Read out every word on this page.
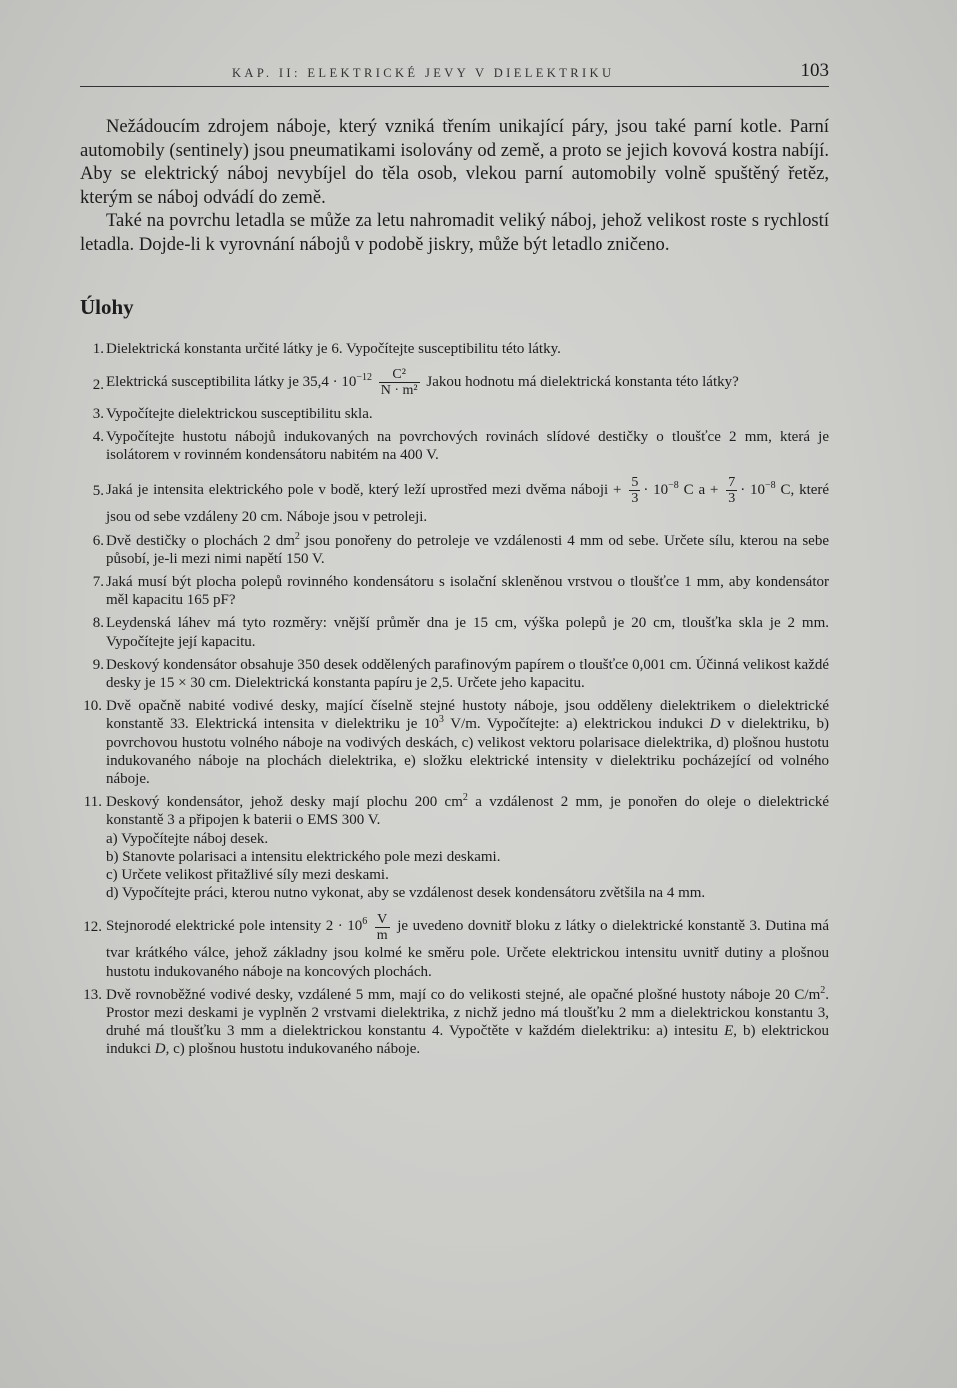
KAP. II: ELEKTRICKÉ JEVY V DIELEKTRIKU	103

Nežádoucím zdrojem náboje, který vzniká třením unikající páry, jsou také parní kotle. Parní automobily (sentinely) jsou pneumatikami isolovány od země, a proto se jejich kovová kostra nabíjí. Aby se elektrický náboj nevybíjel do těla osob, vlekou parní automobily volně spuštěný řetěz, kterým se náboj odvádí do země.

Také na povrchu letadla se může za letu nahromadit veliký náboj, jehož velikost roste s rychlostí letadla. Dojde-li k vyrovnání nábojů v podobě jiskry, může být letadlo zničeno.

Úlohy
1. Dielektrická konstanta určité látky je 6. Vypočítejte susceptibilitu této látky.
2. Elektrická susceptibilita látky je $35,4 \cdot 10^{-12} \frac{\text{C²}}{\text{N · m²}}$ Jakou hodnotu má dielektrická konstanta této látky?
3. Vypočítejte dielektrickou susceptibilitu skla.
4. Vypočítejte hustotu nábojů indukovaných na povrchových rovinách slídové destičky o tloušťce 2 mm, která je isolátorem v rovinném kondensátoru nabitém na 400 V.
5. Jaká je intensita elektrického pole v bodě, který leží uprostřed mezi dvěma náboji + $\frac{5}{3} \cdot 10^{-8}$ C $a + \frac{7}{3} \cdot 10^{-8}$ C, které jsou od sebe vzdáleny 20 cm. Náboje jsou v petroleji.
6. Dvě destičky o plochách 2 $dm^2$ jsou ponořeny do petroleje ve vzdálenosti 4 mm od sebe. Určete sílu, kterou na sebe působí, je-li mezi nimi napětí 150 V.
7. Jaká musí být plocha polepů rovinného kondensátoru s isolační skleněnou vrstvou o tloušťce 1 mm, aby kondensátor měl kapacitu 165 pF?
8. Leydenská láhev má tyto rozměry: vnější průměr dna je 15 cm, výška polepů je 20 cm, tloušťka skla je 2 mm. Vypočítejte její kapacitu.
9. Deskový kondensátor obsahuje 350 desek oddělených parafinovým papírem o tloušťce 0,001 cm. Účinná velikost každé desky je 15 × 30 cm. Dielektrická konstanta papíru je 2,5. Určete jeho kapacitu.
10. Dvě opačně nabité vodivé desky, mající číselně stejné hustoty náboje, jsou odděleny dielektrikem o dielektrické konstantě 33. Elektrická intensita v dielektriku je $10^3$ V/m. Vypočítejte: a) elektrickou indukci D v dielektriku, b) povrchovou hustotu volného náboje na vodivých deskách, c) velikost vektoru polarisace dielektrika, d) plošnou hustotu indukovaného náboje na plochách dielektrika, e) složku elektrické intensity v dielektriku pocházející od volného náboje.
11. Deskový kondensátor, jehož desky mají plochu 200 $cm^2$ a vzdálenost 2 mm, je ponořen do oleje o dielektrické konstantě 3 a připojen k baterii o EMS 300 V.
a) Vypočítejte náboj desek.
b) Stanovte polarisaci a intensitu elektrického pole mezi deskami.
c) Určete velikost přitažlivé síly mezi deskami.
d) Vypočítejte práci, kterou nutno vykonat, aby se vzdálenost desek kondensátoru zvětšila na 4 mm.
12. Stejnorodé elektrické pole intensity $2 \cdot 10^6 \frac{V}{m}$ je uvedeno dovnitř bloku z látky o dielektrické konstantě 3. Dutina má tvar krátkého válce, jehož základny jsou kolmé ke směru pole. Určete elektrickou intensitu uvnitř dutiny a plošnou hustotu indukovaného náboje na koncových plochách.
13. Dvě rovnoběžné vodivé desky, vzdálené 5 mm, mají co do velikosti stejné, ale opačné plošné hustoty náboje 20 $C/m^2$. Prostor mezi deskami je vyplněn 2 vrstvami dielektrika, z nichž jedno má tloušťku 2 mm a dielektrickou konstantu 3, druhé má tloušťku 3 mm a dielektrickou konstantu 4. Vypočtěte v každém dielektriku: a) intesitu E, b) elektrickou indukci D, c) plošnou hustotu indukovaného náboje.
